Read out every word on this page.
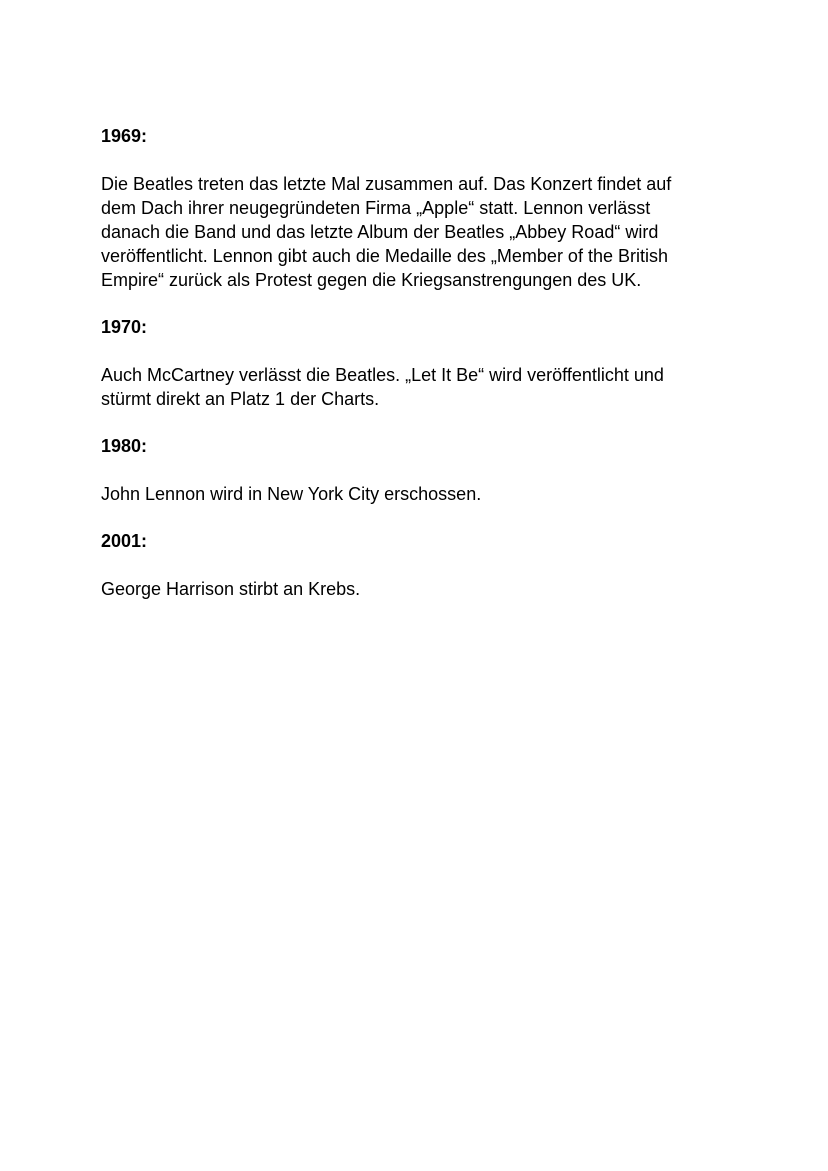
1969:

Die Beatles treten das letzte Mal zusammen auf. Das Konzert findet auf

dem Dach ihrer neugegründeten Firma „Apple“ statt. Lennon verlässt

danach die Band und das letzte Album der Beatles „Abbey Road“ wird

veröffentlicht. Lennon gibt auch die Medaille des „Member of the British

Empire“ zurück als Protest gegen die Kriegsanstrengungen des UK.

1970:

Auch McCartney verlässt die Beatles. „Let It Be“ wird veröffentlicht und

stürmt direkt an Platz 1 der Charts.

1980:

John Lennon wird in New York City erschossen.

2001:

George Harrison stirbt an Krebs.
